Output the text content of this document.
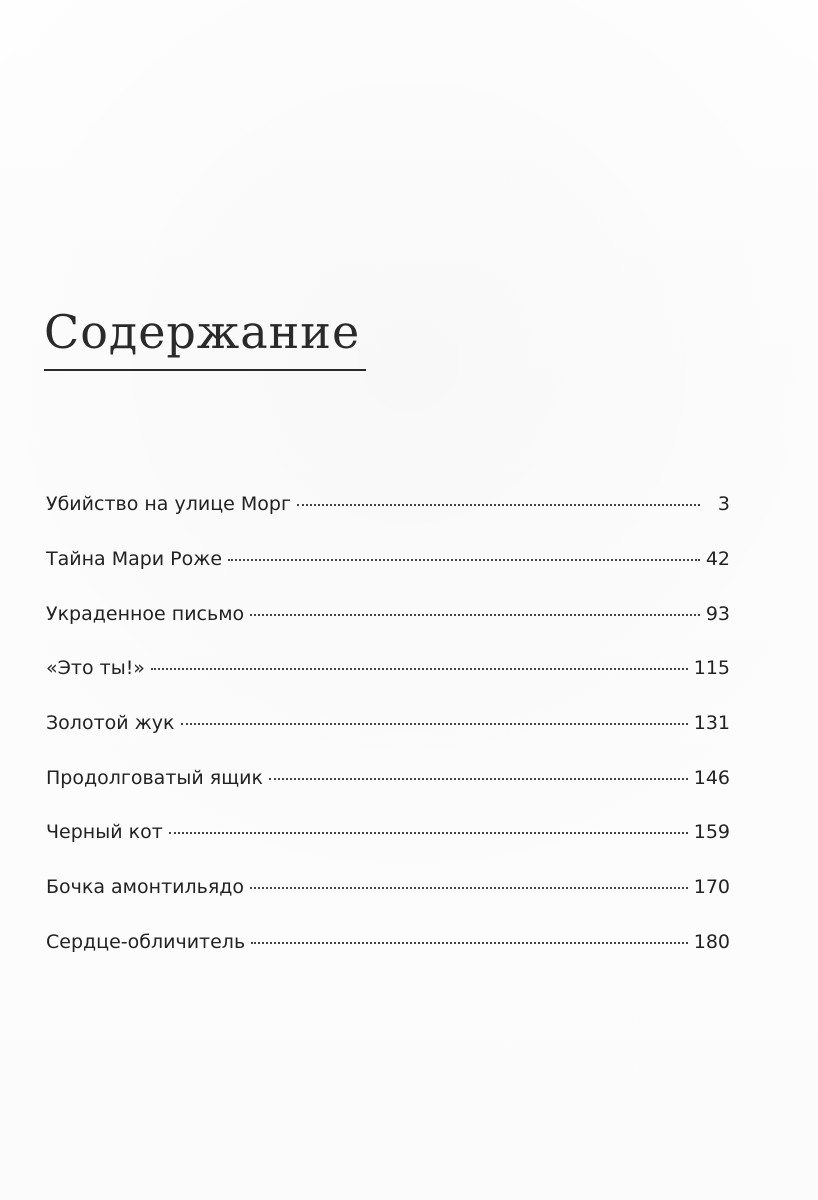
Содержание
Убийство на улице Морг	3
Тайна Мари Роже	42
Украденное письмо	93
«Это ты!»	115
Золотой жук	131
Продолговатый ящик	146
Черный кот	159
Бочка амонтильядо	170
Сердце-обличитель	180
